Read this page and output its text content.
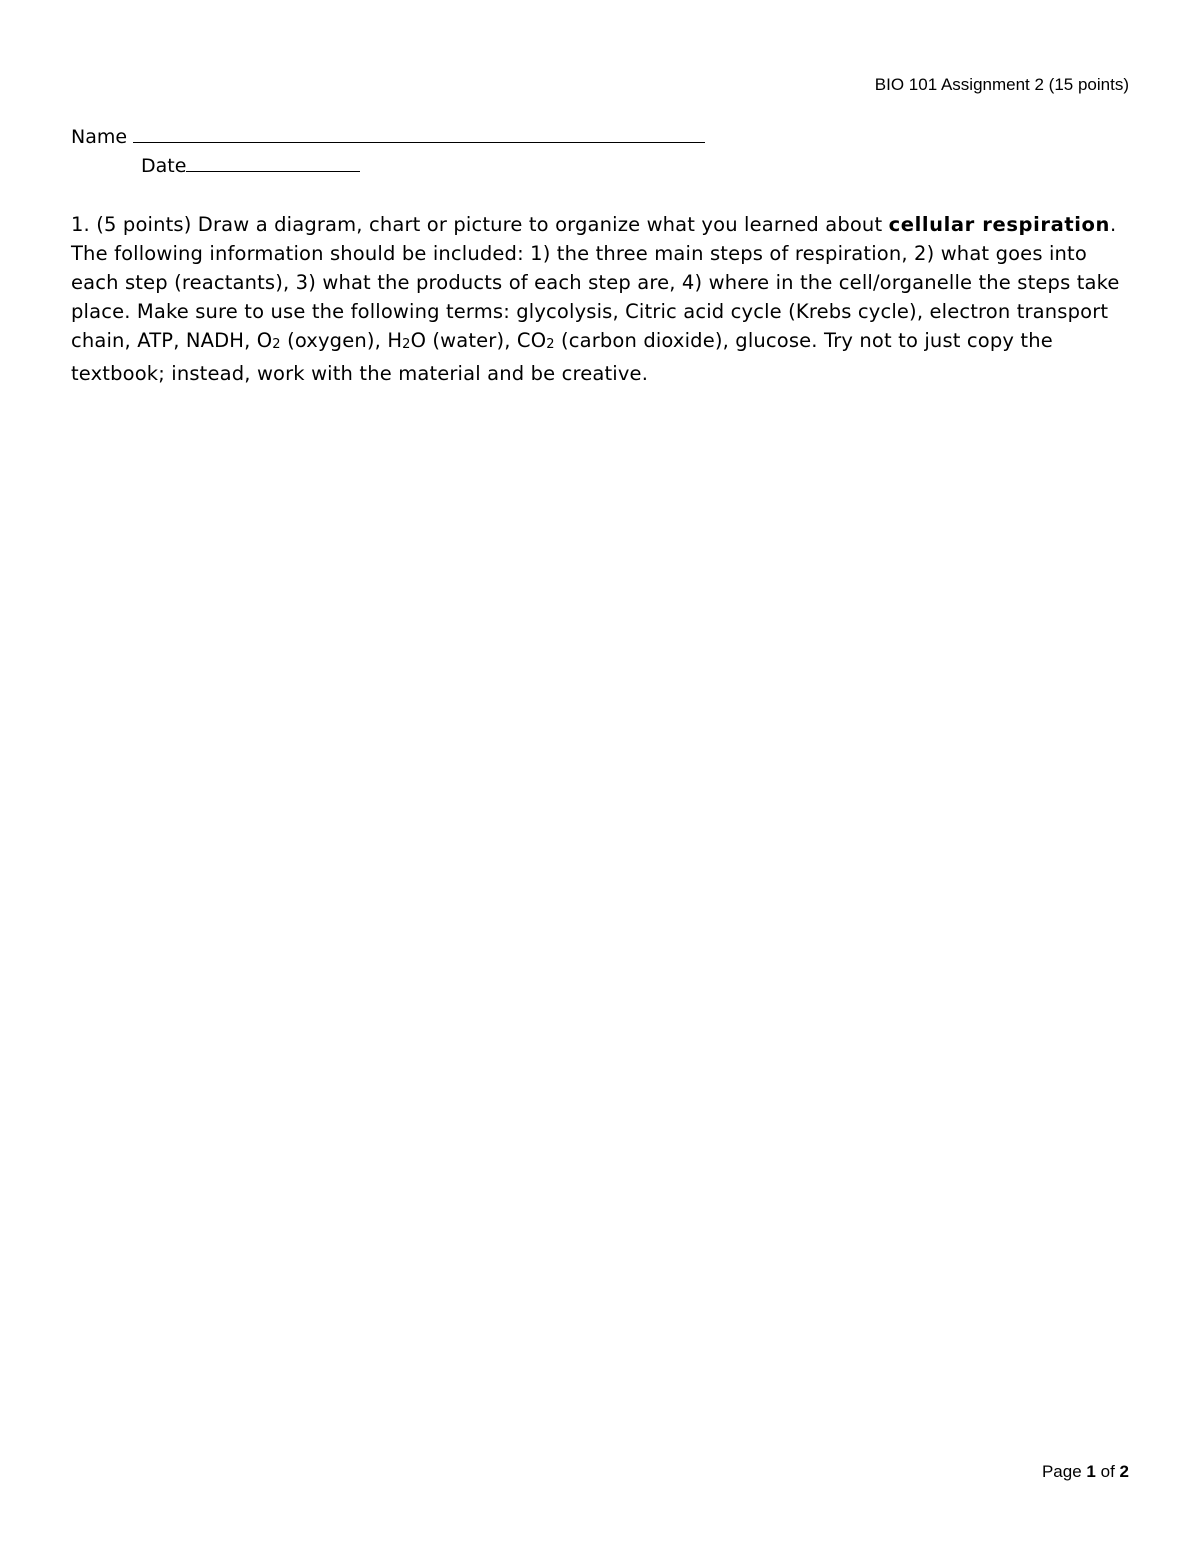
BIO 101 Assignment 2 (15 points)
Name
Date
1. (5 points) Draw a diagram, chart or picture to organize what you learned about cellular respiration. The following information should be included: 1) the three main steps of respiration, 2) what goes into each step (reactants), 3) what the products of each step are, 4) where in the cell/organelle the steps take place. Make sure to use the following terms: glycolysis, Citric acid cycle (Krebs cycle), electron transport chain, ATP, NADH, $O_2$ (oxygen), $H_2O$ (water), $CO_2$ (carbon dioxide), glucose. Try not to just copy the textbook; instead, work with the material and be creative.
Page 1 of 2
